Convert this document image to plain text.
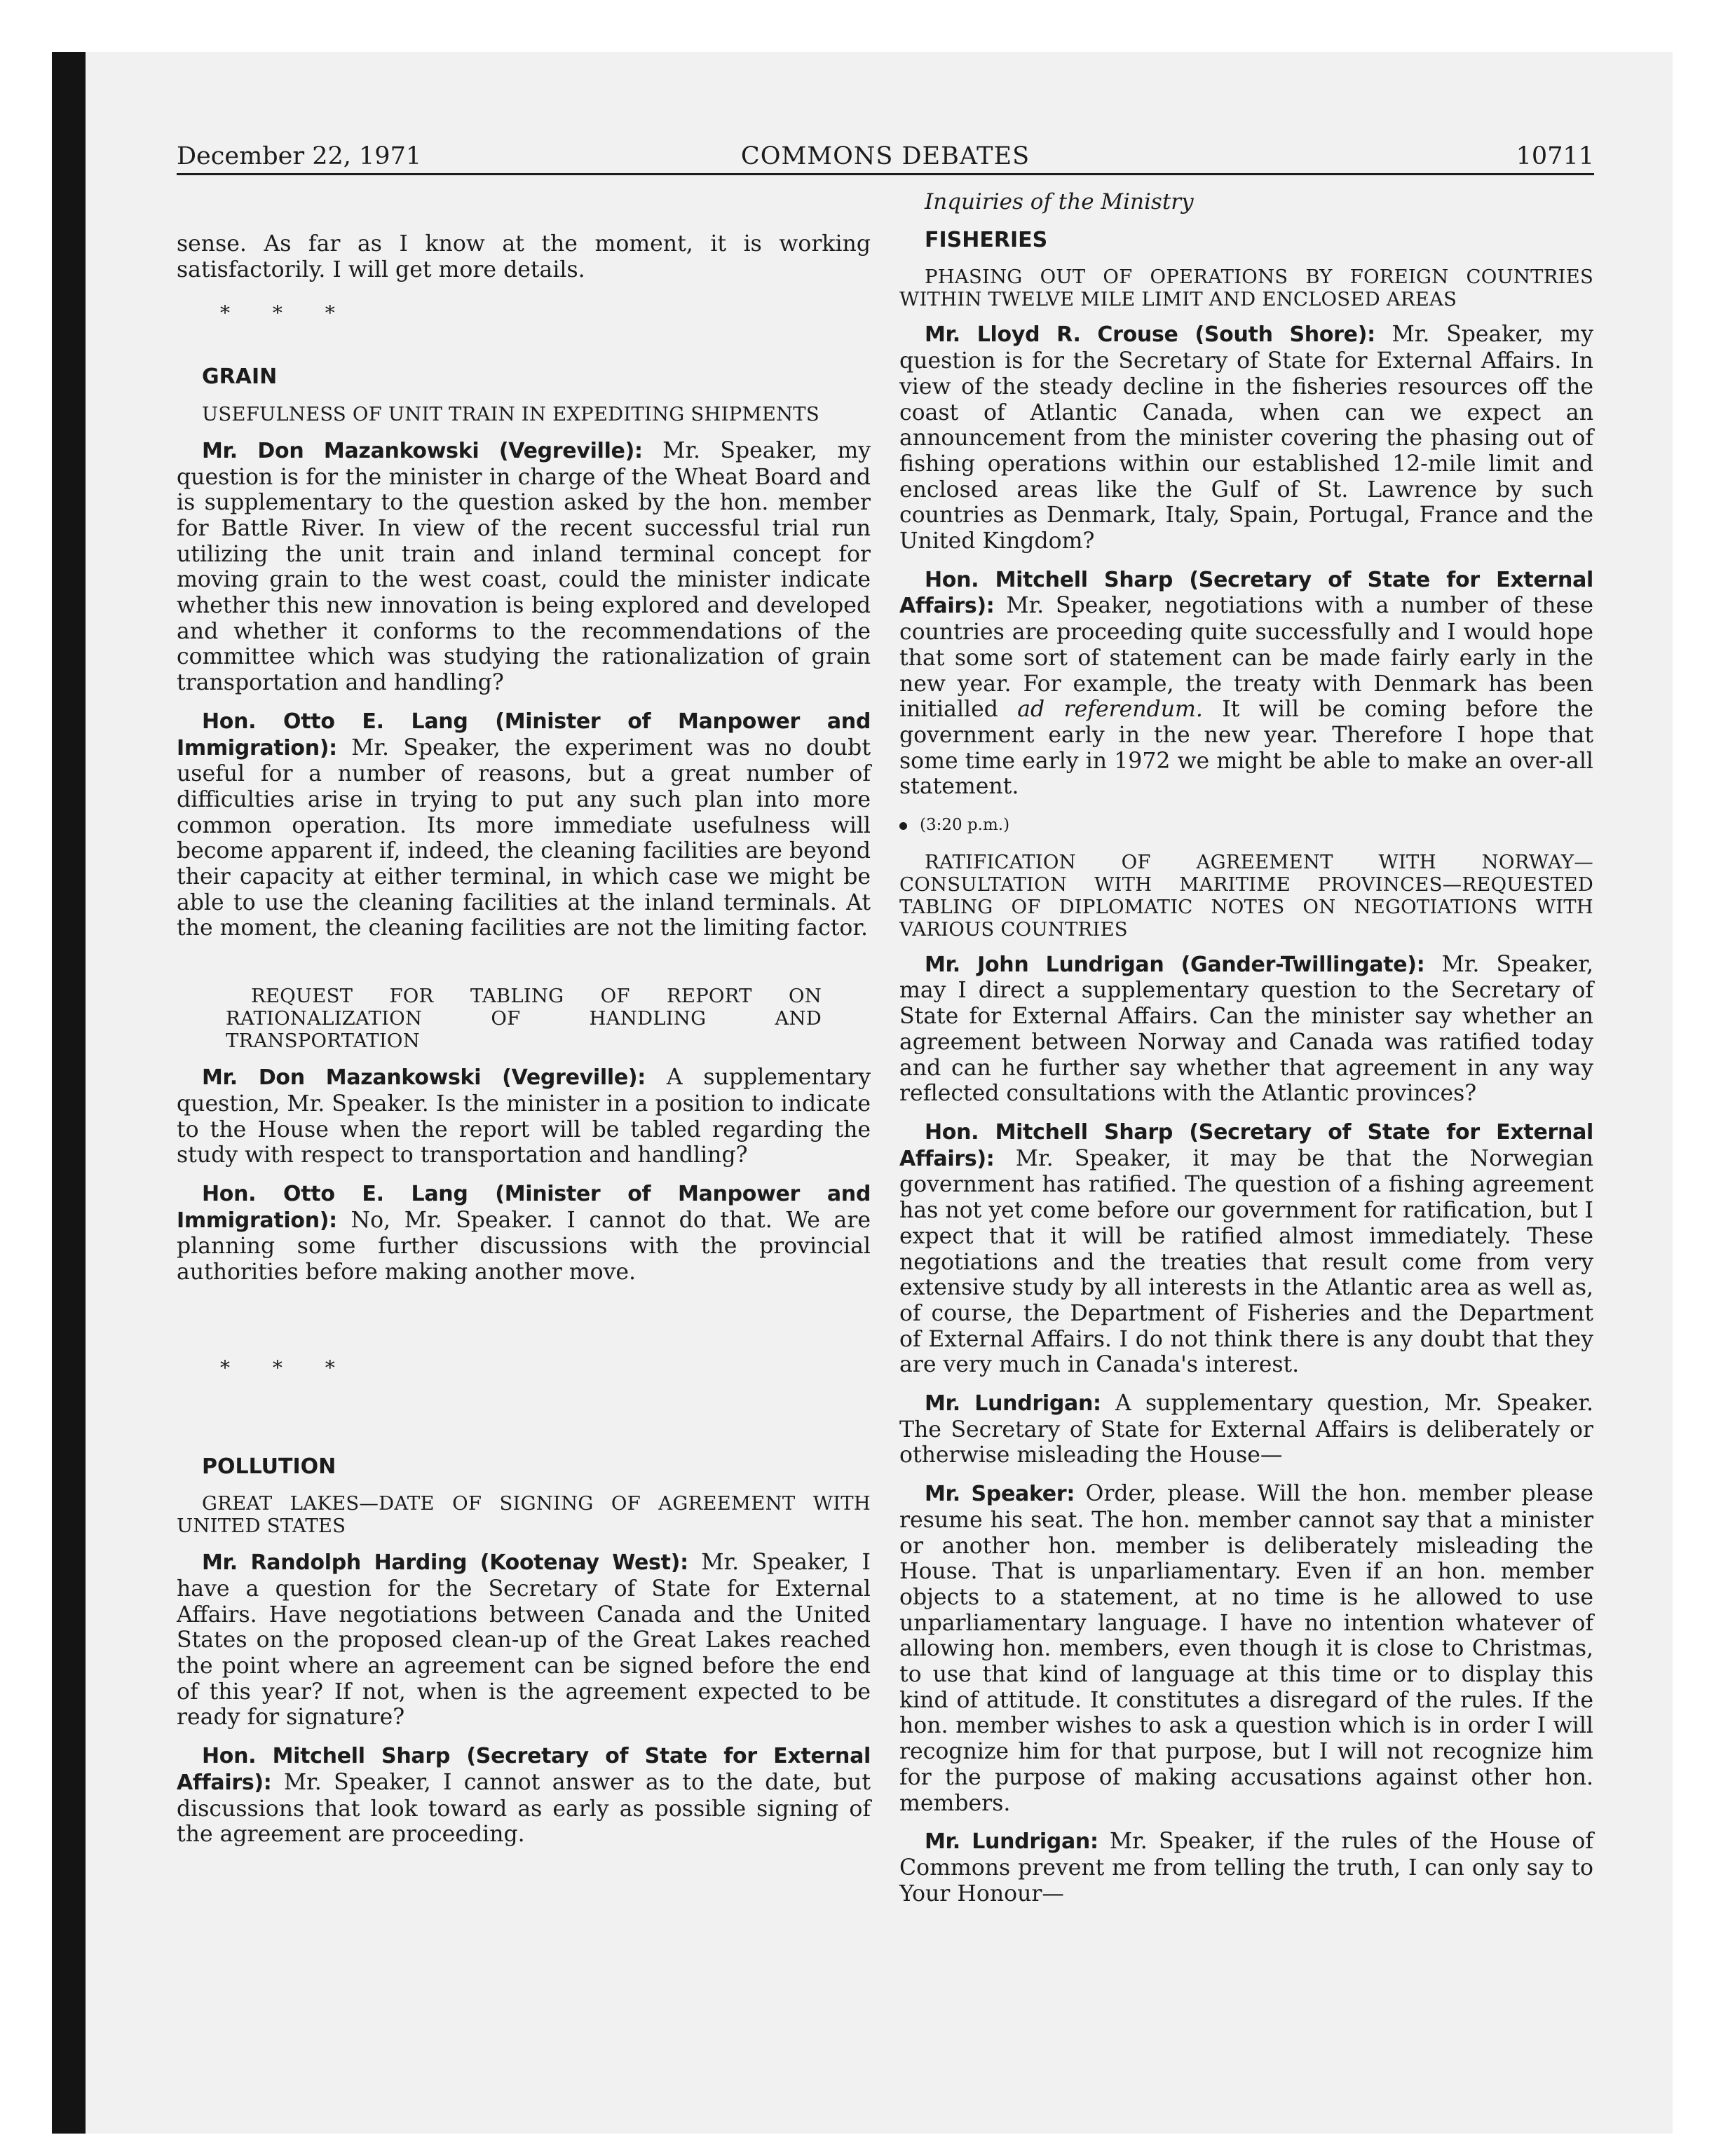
December 22, 1971	COMMONS DEBATES	10711

sense. As far as I know at the moment, it is working satisfactorily. I will get more details.

* * *

GRAIN

USEFULNESS OF UNIT TRAIN IN EXPEDITING SHIPMENTS

Mr. Don Mazankowski (Vegreville): Mr. Speaker, my question is for the minister in charge of the Wheat Board and is supplementary to the question asked by the hon. member for Battle River. In view of the recent successful trial run utilizing the unit train and inland terminal concept for moving grain to the west coast, could the minister indicate whether this new innovation is being explored and developed and whether it conforms to the recommendations of the committee which was studying the rationalization of grain transportation and handling?

Hon. Otto E. Lang (Minister of Manpower and Immigration): Mr. Speaker, the experiment was no doubt useful for a number of reasons, but a great number of difficulties arise in trying to put any such plan into more common operation. Its more immediate usefulness will become apparent if, indeed, the cleaning facilities are beyond their capacity at either terminal, in which case we might be able to use the cleaning facilities at the inland terminals. At the moment, the cleaning facilities are not the limiting factor.

REQUEST FOR TABLING OF REPORT ON RATIONALIZATION OF HANDLING AND TRANSPORTATION

Mr. Don Mazankowski (Vegreville): A supplementary question, Mr. Speaker. Is the minister in a position to indicate to the House when the report will be tabled regarding the study with respect to transportation and handling?

Hon. Otto E. Lang (Minister of Manpower and Immigration): No, Mr. Speaker. I cannot do that. We are planning some further discussions with the provincial authorities before making another move.

* * *

POLLUTION

GREAT LAKES—DATE OF SIGNING OF AGREEMENT WITH UNITED STATES

Mr. Randolph Harding (Kootenay West): Mr. Speaker, I have a question for the Secretary of State for External Affairs. Have negotiations between Canada and the United States on the proposed clean-up of the Great Lakes reached the point where an agreement can be signed before the end of this year? If not, when is the agreement expected to be ready for signature?

Hon. Mitchell Sharp (Secretary of State for External Affairs): Mr. Speaker, I cannot answer as to the date, but discussions that look toward as early as possible signing of the agreement are proceeding.

Inquiries of the Ministry

FISHERIES

PHASING OUT OF OPERATIONS BY FOREIGN COUNTRIES WITHIN TWELVE MILE LIMIT AND ENCLOSED AREAS

Mr. Lloyd R. Crouse (South Shore): Mr. Speaker, my question is for the Secretary of State for External Affairs. In view of the steady decline in the fisheries resources off the coast of Atlantic Canada, when can we expect an announcement from the minister covering the phasing out of fishing operations within our established 12-mile limit and enclosed areas like the Gulf of St. Lawrence by such countries as Denmark, Italy, Spain, Portugal, France and the United Kingdom?

Hon. Mitchell Sharp (Secretary of State for External Affairs): Mr. Speaker, negotiations with a number of these countries are proceeding quite successfully and I would hope that some sort of statement can be made fairly early in the new year. For example, the treaty with Denmark has been initialled ad referendum. It will be coming before the government early in the new year. Therefore I hope that some time early in 1972 we might be able to make an over-all statement.

(3:20 p.m.)

RATIFICATION OF AGREEMENT WITH NORWAY—CONSULTATION WITH MARITIME PROVINCES—REQUESTED TABLING OF DIPLOMATIC NOTES ON NEGOTIATIONS WITH VARIOUS COUNTRIES

Mr. John Lundrigan (Gander-Twillingate): Mr. Speaker, may I direct a supplementary question to the Secretary of State for External Affairs. Can the minister say whether an agreement between Norway and Canada was ratified today and can he further say whether that agreement in any way reflected consultations with the Atlantic provinces?

Hon. Mitchell Sharp (Secretary of State for External Affairs): Mr. Speaker, it may be that the Norwegian government has ratified. The question of a fishing agreement has not yet come before our government for ratification, but I expect that it will be ratified almost immediately. These negotiations and the treaties that result come from very extensive study by all interests in the Atlantic area as well as, of course, the Department of Fisheries and the Department of External Affairs. I do not think there is any doubt that they are very much in Canada's interest.

Mr. Lundrigan: A supplementary question, Mr. Speaker. The Secretary of State for External Affairs is deliberately or otherwise misleading the House—

Mr. Speaker: Order, please. Will the hon. member please resume his seat. The hon. member cannot say that a minister or another hon. member is deliberately misleading the House. That is unparliamentary. Even if an hon. member objects to a statement, at no time is he allowed to use unparliamentary language. I have no intention whatever of allowing hon. members, even though it is close to Christmas, to use that kind of language at this time or to display this kind of attitude. It constitutes a disregard of the rules. If the hon. member wishes to ask a question which is in order I will recognize him for that purpose, but I will not recognize him for the purpose of making accusations against other hon. members.

Mr. Lundrigan: Mr. Speaker, if the rules of the House of Commons prevent me from telling the truth, I can only say to Your Honour—
